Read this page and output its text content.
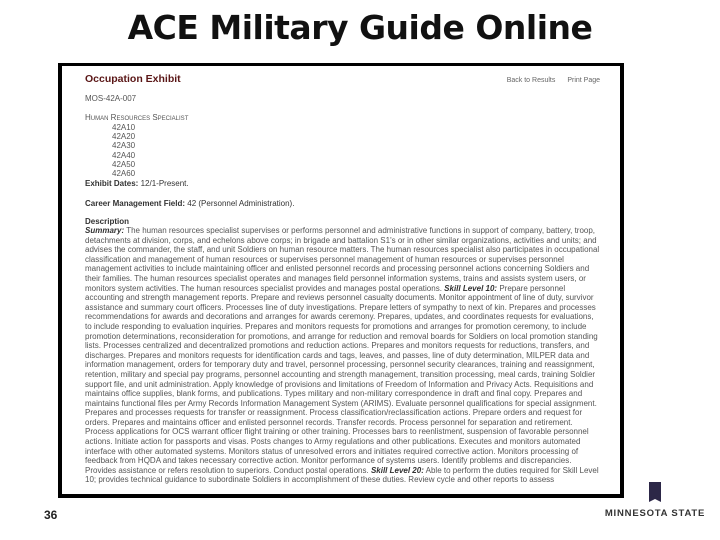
ACE Military Guide Online
Occupation Exhibit	Back to Results Print Page
MOS-42A-007
Human Resources Specialist
42A10
42A20
42A30
42A40
42A50
42A60
Exhibit Dates: 12/1-Present.
Career Management Field: 42 (Personnel Administration).
Description
Summary: The human resources specialist supervises or performs personnel and administrative functions in support of company, battery, troop, detachments at division, corps, and echelons above corps; in brigade and battalion S1's or in other similar organizations, activities and units; and advises the commander, the staff, and unit Soldiers on human resource matters. The human resources specialist also participates in occupational classification and management of human resources or supervises personnel management of human resources or supervises personnel management activities to include maintaining officer and enlisted personnel records and processing personnel actions concerning Soldiers and their families. The human resources specialist operates and manages field personnel information systems, trains and assists system users, or monitors system activities. The human resources specialist provides and manages postal operations. Skill Level 10: Prepare personnel accounting and strength management reports. Prepare and reviews personnel casualty documents. Monitor appointment of line of duty, survivor assistance and summary court officers. Processes line of duty investigations. Prepare letters of sympathy to next of kin. Prepares and processes recommendations for awards and decorations and arranges for awards ceremony. Prepares, updates, and coordinates requests for evaluations, to include responding to evaluation inquiries. Prepares and monitors requests for promotions and arranges for promotion ceremony, to include promotion determinations, reconsideration for promotions, and arrange for reduction and removal boards for Soldiers on local promotion standing lists. Processes centralized and decentralized promotions and reduction actions. Prepares and monitors requests for reductions, transfers, and discharges. Prepares and monitors requests for identification cards and tags, leaves, and passes, line of duty determination, MILPER data and information management, orders for temporary duty and travel, personnel processing, personnel security clearances, training and reassignment, retention, military and special pay programs, personnel accounting and strength management, transition processing, meal cards, training Soldier support file, and unit administration. Apply knowledge of provisions and limitations of Freedom of Information and Privacy Acts. Requisitions and maintains office supplies, blank forms, and publications. Types military and non-military correspondence in draft and final copy. Prepares and maintains functional files per Army Records Information Management System (ARIMS). Evaluate personnel qualifications for special assignment. Prepares and processes requests for transfer or reassignment. Process classification/reclassification actions. Prepare orders and request for orders. Prepares and maintains officer and enlisted personnel records. Transfer records. Process personnel for separation and retirement. Process applications for OCS warrant officer flight training or other training. Processes bars to reenlistment, suspension of favorable personnel actions. Initiate action for passports and visas. Posts changes to Army regulations and other publications. Executes and monitors automated interface with other automated systems. Monitors status of unresolved errors and initiates required corrective action. Monitors processing of feedback from HQDA and takes necessary corrective action. Monitor performance of systems users. Identify problems and discrepancies. Provides assistance or refers resolution to superiors. Conduct postal operations. Skill Level 20: Able to perform the duties required for Skill Level 10; provides technical guidance to subordinate Soldiers in accomplishment of these duties. Review cycle and other reports to assess
36	MINNESOTA STATE
